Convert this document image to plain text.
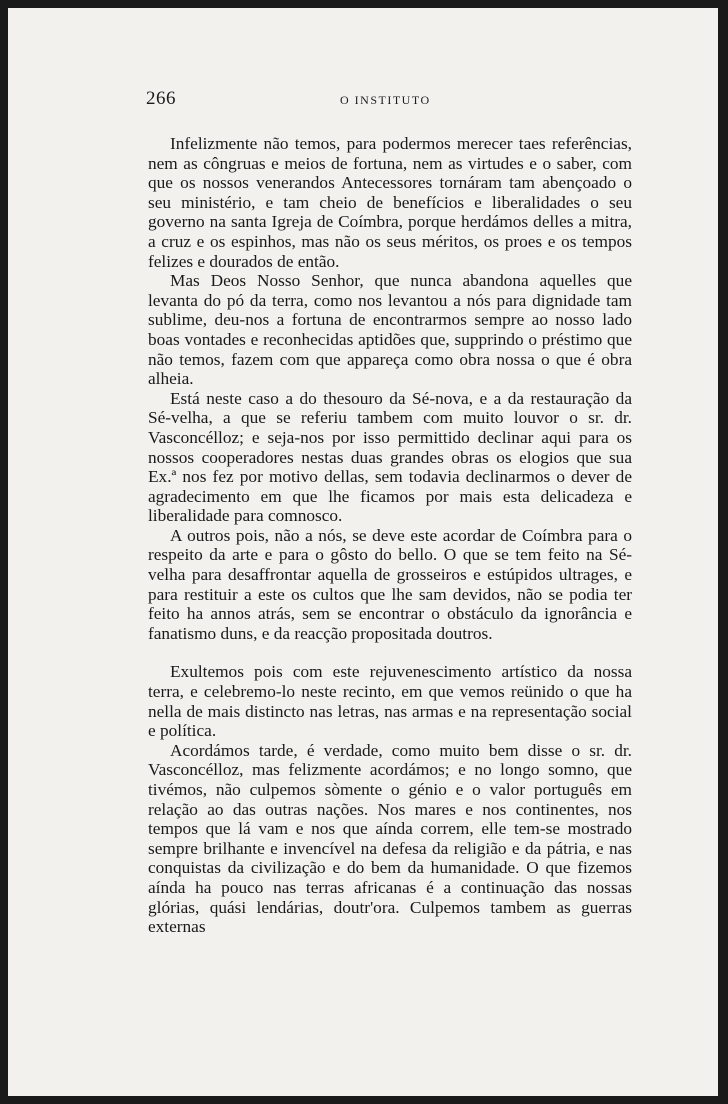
266	O INSTITUTO

Infelizmente não temos, para podermos merecer taes referências, nem as côngruas e meios de fortuna, nem as virtudes e o saber, com que os nossos venerandos Antecessores tornáram tam abençoado o seu ministério, e tam cheio de benefícios e liberalidades o seu governo na santa Igreja de Coímbra, porque herdámos delles a mitra, a cruz e os espinhos, mas não os seus méritos, os proes e os tempos felizes e dourados de então.

Mas Deos Nosso Senhor, que nunca abandona aquelles que levanta do pó da terra, como nos levantou a nós para dignidade tam sublime, deu-nos a fortuna de encontrarmos sempre ao nosso lado boas vontades e reconhecidas aptidões que, supprindo o préstimo que não temos, fazem com que appareça como obra nossa o que é obra alheia.

Está neste caso a do thesouro da Sé-nova, e a da restauração da Sé-velha, a que se referiu tambem com muito louvor o sr. dr. Vasconcélloz; e seja-nos por isso permittido declinar aqui para os nossos cooperadores nestas duas grandes obras os elogios que sua Ex.ª nos fez por motivo dellas, sem todavia declinarmos o dever de agradecimento em que lhe ficamos por mais esta delicadeza e liberalidade para comnosco.

A outros pois, não a nós, se deve este acordar de Coímbra para o respeito da arte e para o gôsto do bello. O que se tem feito na Sé-velha para desaffrontar aquella de grosseiros e estúpidos ultrages, e para restituir a este os cultos que lhe sam devidos, não se podia ter feito ha annos atrás, sem se encontrar o obstáculo da ignorância e fanatismo duns, e da reacção propositada doutros.

Exultemos pois com este rejuvenescimento artístico da nossa terra, e celebremo-lo neste recinto, em que vemos reünido o que ha nella de mais distincto nas letras, nas armas e na representação social e política.

Acordámos tarde, é verdade, como muito bem disse o sr. dr. Vasconcélloz, mas felizmente acordámos; e no longo somno, que tivémos, não culpemos sòmente o génio e o valor português em relação ao das outras nações. Nos mares e nos continentes, nos tempos que lá vam e nos que aínda correm, elle tem-se mostrado sempre brilhante e invencível na defesa da religião e da pátria, e nas conquistas da civilização e do bem da humanidade. O que fizemos aínda ha pouco nas terras africanas é a continuação das nossas glórias, quási lendárias, doutr'ora. Culpemos tambem as guerras externas
